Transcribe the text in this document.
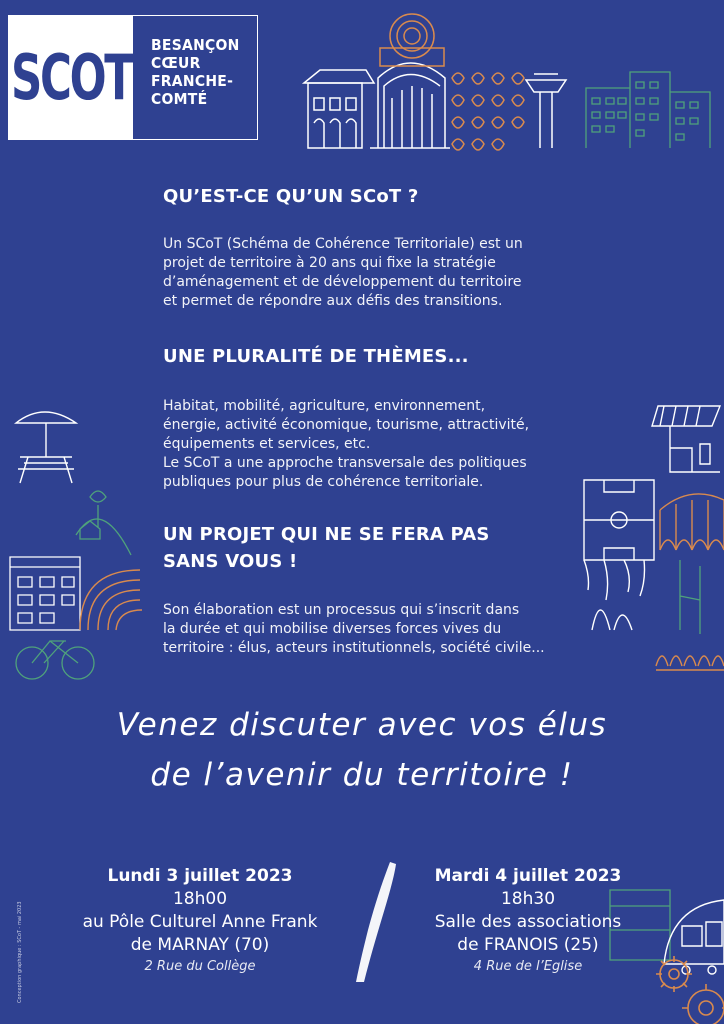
SCOT BESANÇON
CŒUR
FRANCHE-
COMTÉ
QU’EST-CE QU’UN SCoT ?
Un SCoT (Schéma de Cohérence Territoriale) est un
projet de territoire à 20 ans qui fixe la stratégie
d’aménagement et de développement du territoire
et permet de répondre aux défis des transitions.
UNE PLURALITÉ DE THÈMES...
Habitat, mobilité, agriculture, environnement,
énergie, activité économique, tourisme, attractivité,
équipements et services, etc.
Le SCoT a une approche transversale des politiques
publiques pour plus de cohérence territoriale.
UN PROJET QUI NE SE FERA PAS
SANS VOUS !
Son élaboration est un processus qui s’inscrit dans
la durée et qui mobilise diverses forces vives du
territoire : élus, acteurs institutionnels, société civile...
Venez discuter avec vos élus
de l’avenir du territoire !
Lundi 3 juillet 2023
18h00
au Pôle Culturel Anne Frank
de MARNAY (70)
2 Rue du Collège
Mardi 4 juillet 2023
18h30
Salle des associations
de FRANOIS (25)
4 Rue de l’Eglise
Conception graphique : SCoT - mai 2023
